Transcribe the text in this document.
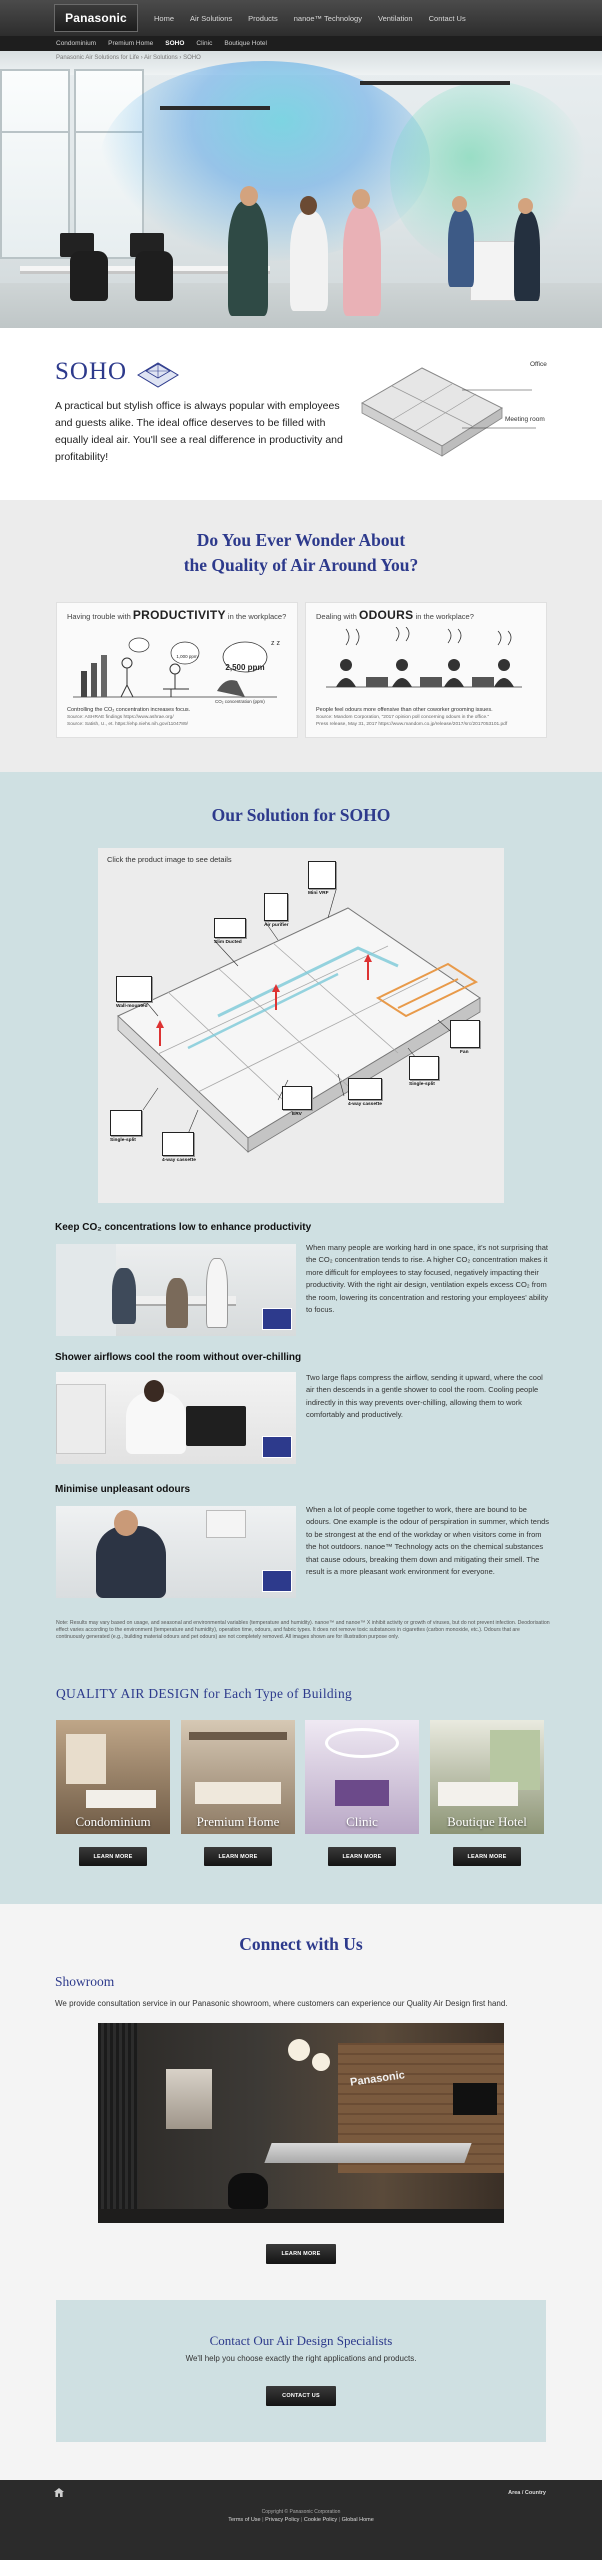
Panasonic	Home Air Solutions Products nanoe™ Technology Ventilation Contact Us
Condominium Premium Home SOHO Clinic Boutique Hotel
Panasonic Air Solutions for Life › Air Solutions › SOHO
SOHO
A practical but stylish office is always popular with employees and guests alike. The ideal office deserves to be filled with equally ideal air. You'll see a real difference in productivity and profitability!
Office
Meeting room
Do You Ever Wonder About
the Quality of Air Around You?
Having trouble with PRODUCTIVITY in the workplace?
z z
1,000 ppm
2,500 ppm
CO₂ concentration (ppm)
Controlling the CO₂ concentration increases focus.
Source: ASHRAE findings https://www.ashrae.org/
Source: Satish, U., et. https://ehp.niehs.nih.gov/1104789/
Dealing with ODOURS in the workplace?
People feel odours more offensive than other coworker grooming issues.
Source: Mandom Corporation, "2017 opinion poll concerning odours in the office."
Press release, May 31, 2017 https://www.mandom.co.jp/release/2017/src/2017053101.pdf
Our Solution for SOHO
Click the product image to see details
Mini VRF
Air purifier
Slim Ducted
Wall-mounted
Fan
Single-split
4-way cassette
ERV
Single-split
4-way cassette
Keep CO₂ concentrations low to enhance productivity
When many people are working hard in one space, it's not surprising that the CO₂ concentration tends to rise. A higher CO₂ concentration makes it more difficult for employees to stay focused, negatively impacting their productivity. With the right air design, ventilation expels excess CO₂ from the room, lowering its concentration and restoring your employees' ability to focus.
Shower airflows cool the room without over-chilling
Two large flaps compress the airflow, sending it upward, where the cool air then descends in a gentle shower to cool the room. Cooling people indirectly in this way prevents over-chilling, allowing them to work comfortably and productively.
Minimise unpleasant odours
When a lot of people come together to work, there are bound to be odours. One example is the odour of perspiration in summer, which tends to be strongest at the end of the workday or when visitors come in from the hot outdoors. nanoe™ Technology acts on the chemical substances that cause odours, breaking them down and mitigating their smell. The result is a more pleasant work environment for everyone.
Note: Results may vary based on usage, and seasonal and environmental variables (temperature and humidity). nanoe™ and nanoe™ X inhibit activity or growth of viruses, but do not prevent infection. Deodorisation effect varies according to the environment (temperature and humidity), operation time, odours, and fabric types. It does not remove toxic substances in cigarettes (carbon monoxide, etc.). Odours that are continuously generated (e.g., building material odours and pet odours) are not completely removed. All images shown are for illustration purpose only.
QUALITY AIR DESIGN for Each Type of Building
Condominium	Premium Home	Clinic	Boutique Hotel
LEARN MORE	LEARN MORE	LEARN MORE	LEARN MORE
Connect with Us
Showroom
We provide consultation service in our Panasonic showroom, where customers can experience our Quality Air Design first hand.
Panasonic
LEARN MORE
Contact Our Air Design Specialists
We'll help you choose exactly the right applications and products.
CONTACT US
Area / Country
Copyright © Panasonic Corporation
Terms of Use | Privacy Policy | Cookie Policy | Global Home
